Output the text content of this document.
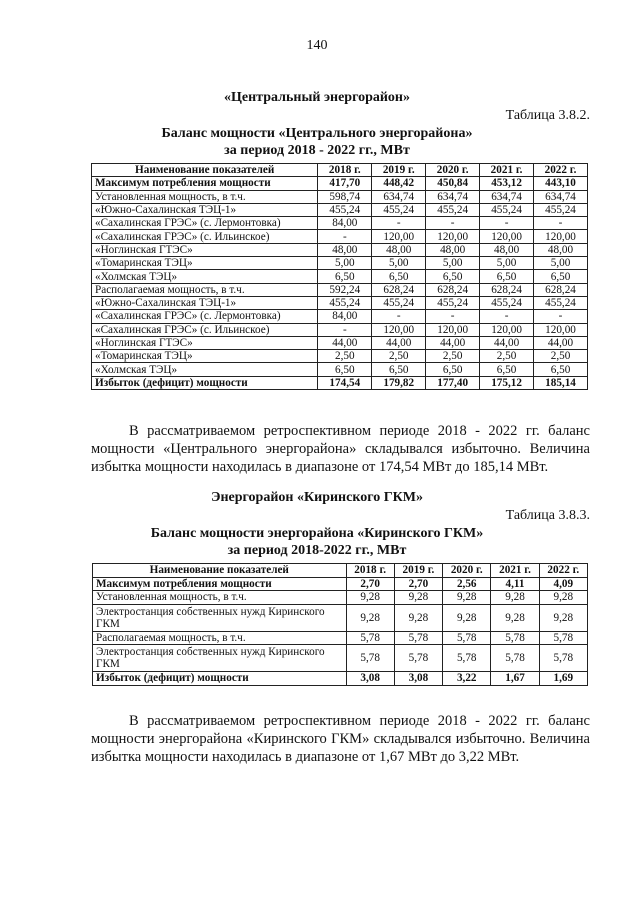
140
«Центральный энергорайон»
Таблица 3.8.2.
Баланс мощности «Центрального энергорайона»
за период 2018 - 2022 гг., МВт
Наименование показателей	2018 г.	2019 г.	2020 г.	2021 г.	2022 г.
Максимум потребления мощности	417,70	448,42	450,84	453,12	443,10
Установленная мощность, в т.ч.	598,74	634,74	634,74	634,74	634,74
«Южно-Сахалинская ТЭЦ-1»	455,24	455,24	455,24	455,24	455,24
«Сахалинская ГРЭС» (с. Лермонтовка)	84,00	-	-	-	-
«Сахалинская ГРЭС» (с. Ильинское)	-	120,00	120,00	120,00	120,00
«Ноглинская ГТЭС»	48,00	48,00	48,00	48,00	48,00
«Томаринская ТЭЦ»	5,00	5,00	5,00	5,00	5,00
«Холмская ТЭЦ»	6,50	6,50	6,50	6,50	6,50
Располагаемая мощность, в т.ч.	592,24	628,24	628,24	628,24	628,24
«Южно-Сахалинская ТЭЦ-1»	455,24	455,24	455,24	455,24	455,24
«Сахалинская ГРЭС» (с. Лермонтовка)	84,00	-	-	-	-
«Сахалинская ГРЭС» (с. Ильинское)	-	120,00	120,00	120,00	120,00
«Ноглинская ГТЭС»	44,00	44,00	44,00	44,00	44,00
«Томаринская ТЭЦ»	2,50	2,50	2,50	2,50	2,50
«Холмская ТЭЦ»	6,50	6,50	6,50	6,50	6,50
Избыток (дефицит) мощности	174,54	179,82	177,40	175,12	185,14
В рассматриваемом ретроспективном периоде 2018 - 2022 гг. баланс мощности «Центрального энергорайона» складывался избыточно. Величина избытка мощности находилась в диапазоне от 174,54 МВт до 185,14 МВт.
Энергорайон «Киринского ГКМ»
Таблица 3.8.3.
Баланс мощности энергорайона «Киринского ГКМ»
за период 2018-2022 гг., МВт
Наименование показателей	2018 г.	2019 г.	2020 г.	2021 г.	2022 г.
Максимум потребления мощности	2,70	2,70	2,56	4,11	4,09
Установленная мощность, в т.ч.	9,28	9,28	9,28	9,28	9,28
Электростанция собственных нужд Киринского ГКМ	9,28	9,28	9,28	9,28	9,28
Располагаемая мощность, в т.ч.	5,78	5,78	5,78	5,78	5,78
Электростанция собственных нужд Киринского ГКМ	5,78	5,78	5,78	5,78	5,78
Избыток (дефицит) мощности	3,08	3,08	3,22	1,67	1,69
В рассматриваемом ретроспективном периоде 2018 - 2022 гг. баланс мощности энергорайона «Киринского ГКМ» складывался избыточно. Величина избытка мощности находилась в диапазоне от 1,67 МВт до 3,22 МВт.
